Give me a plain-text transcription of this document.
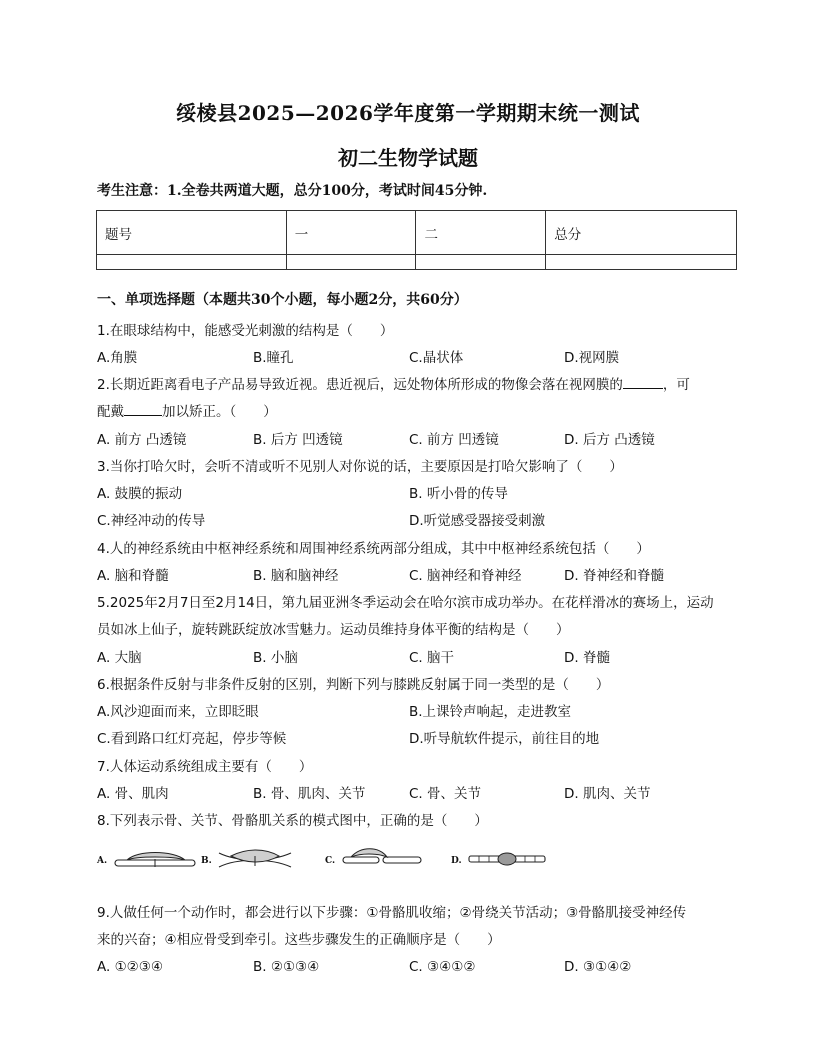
绥棱县2025—2026学年度第一学期期末统一测试
初二生物学试题
考生注意：1.全卷共两道大题，总分100分，考试时间45分钟.
题号	一	二	总分

一、单项选择题（本题共30个小题，每小题2分，共60分）
1.在眼球结构中，能感受光刺激的结构是（　　）
A.角膜	B.瞳孔	C.晶状体	D.视网膜
2.长期近距离看电子产品易导致近视。患近视后，远处物体所形成的物像会落在视网膜的	，可
配戴	加以矫正。（　　）
A. 前方 凸透镜	B. 后方 凹透镜	C. 前方 凹透镜	D. 后方 凸透镜
3.当你打哈欠时，会听不清或听不见别人对你说的话，主要原因是打哈欠影响了（　　）
A. 鼓膜的振动	B. 听小骨的传导
C.神经冲动的传导	D.听觉感受器接受刺激
4.人的神经系统由中枢神经系统和周围神经系统两部分组成，其中中枢神经系统包括（　　）
A. 脑和脊髓	B. 脑和脑神经	C. 脑神经和脊神经	D. 脊神经和脊髓
5.2025年2月7日至2月14日，第九届亚洲冬季运动会在哈尔滨市成功举办。在花样滑冰的赛场上，运动
员如冰上仙子，旋转跳跃绽放冰雪魅力。运动员维持身体平衡的结构是（　　）
A. 大脑	B. 小脑	C. 脑干	D. 脊髓
6.根据条件反射与非条件反射的区别，判断下列与膝跳反射属于同一类型的是（　　）
A.风沙迎面而来，立即眨眼	B.上课铃声响起，走进教室
C.看到路口红灯亮起，停步等候	D.听导航软件提示，前往目的地
7.人体运动系统组成主要有（　　）
A. 骨、肌肉	B. 骨、肌肉、关节	C. 骨、关节	D. 肌肉、关节
8.下列表示骨、关节、骨骼肌关系的模式图中，正确的是（　　）
A.	B.	C.	D.
9.人做任何一个动作时，都会进行以下步骤：①骨骼肌收缩；②骨绕关节活动；③骨骼肌接受神经传
来的兴奋；④相应骨受到牵引。这些步骤发生的正确顺序是（　　）
A. ①②③④	B. ②①③④	C. ③④①②	D. ③①④②
